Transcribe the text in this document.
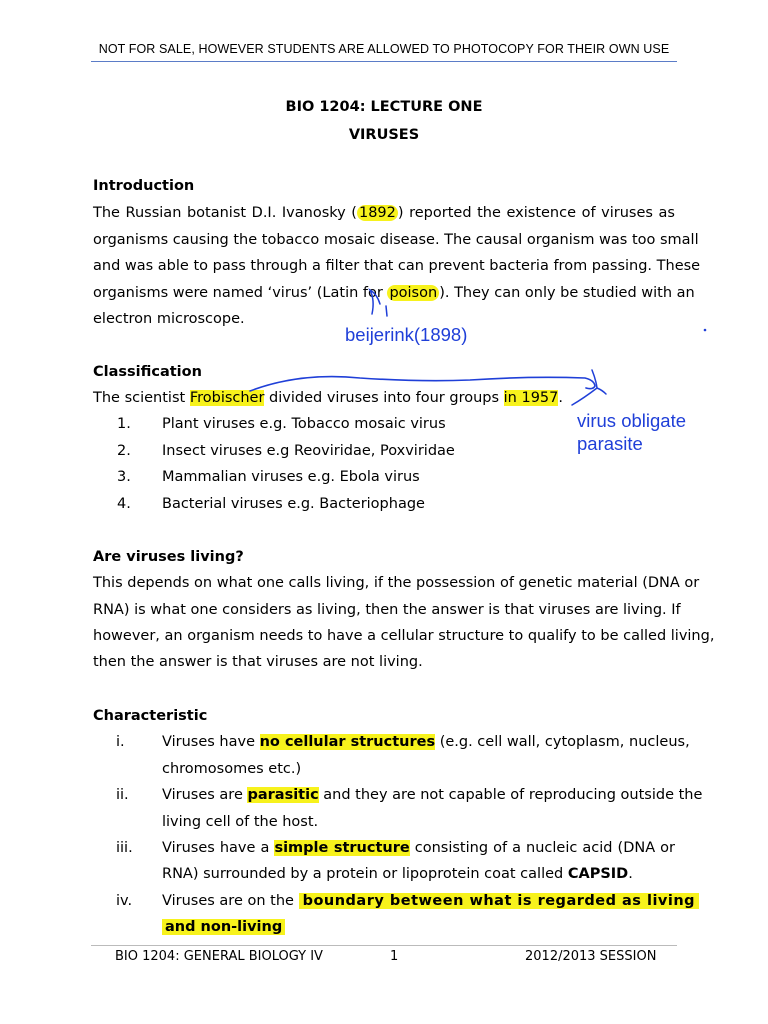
NOT FOR SALE, HOWEVER STUDENTS ARE ALLOWED TO PHOTOCOPY FOR THEIR OWN USE
BIO 1204: LECTURE ONE
VIRUSES
Introduction
The Russian botanist D.I. Ivanosky ( 1892 ) reported the existence of viruses as
organisms causing the tobacco mosaic disease. The causal organism was too small
and was able to pass through a filter that can prevent bacteria from passing. These
organisms were named ‘virus’ (Latin for poison ). They can only be studied with an
electron microscope.
Classification
The scientist Frobischer divided viruses into four groups in 1957.
1. Plant viruses e.g. Tobacco mosaic virus
2. Insect viruses e.g Reoviridae, Poxviridae
3. Mammalian viruses e.g. Ebola virus
4. Bacterial viruses e.g. Bacteriophage
Are viruses living?
This depends on what one calls living, if the possession of genetic material (DNA or
RNA) is what one considers as living, then the answer is that viruses are living. If
however, an organism needs to have a cellular structure to qualify to be called living,
then the answer is that viruses are not living.
Characteristic
i.	Viruses have no cellular structures (e.g. cell wall, cytoplasm, nucleus,
chromosomes etc.)
ii. Viruses are parasitic and they are not capable of reproducing outside the
living cell of the host.
iii. Viruses have a simple structure consisting of a nucleic acid (DNA or
RNA) surrounded by a protein or lipoprotein coat called CAPSID.
iv. Viruses are on the boundary between what is regarded as living
and non-living
beijerink(1898)
virus obligate
parasite
BIO 1204: GENERAL BIOLOGY IV	1	2012/2013 SESSION
